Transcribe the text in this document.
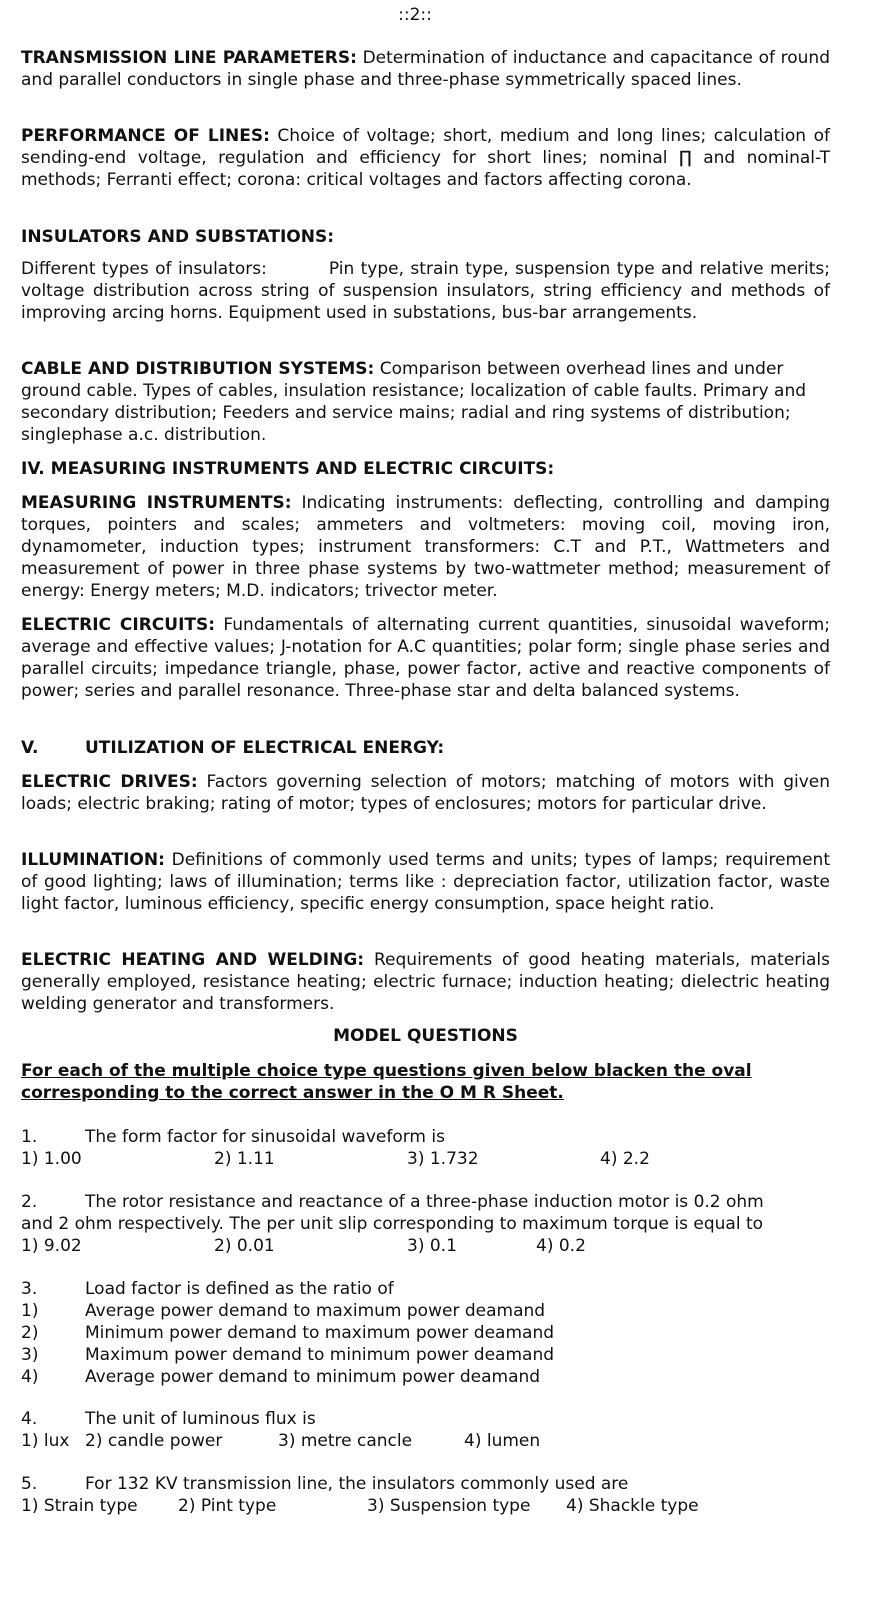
::2::

TRANSMISSION LINE PARAMETERS: Determination of inductance and capacitance of round and parallel conductors in single phase and three-phase symmetrically spaced lines.

PERFORMANCE OF LINES: Choice of voltage; short, medium and long lines; calculation of sending-end voltage, regulation and efficiency for short lines; nominal ∏ and nominal-T methods; Ferranti effect; corona: critical voltages and factors affecting corona.

INSULATORS AND SUBSTATIONS:

Different types of insulators:	Pin type, strain type, suspension type and relative merits; voltage distribution across string of suspension insulators, string efficiency and methods of improving arcing horns. Equipment used in substations, bus-bar arrangements.

CABLE AND DISTRIBUTION SYSTEMS: Comparison between overhead lines and under ground cable. Types of cables, insulation resistance; localization of cable faults. Primary and secondary distribution; Feeders and service mains; radial and ring systems of distribution; singlephase a.c. distribution.

IV. MEASURING INSTRUMENTS AND ELECTRIC CIRCUITS:

MEASURING INSTRUMENTS: Indicating instruments: deflecting, controlling and damping torques, pointers and scales; ammeters and voltmeters: moving coil, moving iron, dynamometer, induction types; instrument transformers: C.T and P.T., Wattmeters and measurement of power in three phase systems by two-wattmeter method; measurement of energy: Energy meters; M.D. indicators; trivector meter.

ELECTRIC CIRCUITS: Fundamentals of alternating current quantities, sinusoidal waveform; average and effective values; J-notation for A.C quantities; polar form; single phase series and parallel circuits; impedance triangle, phase, power factor, active and reactive components of power; series and parallel resonance. Three-phase star and delta balanced systems.

V.	UTILIZATION OF ELECTRICAL ENERGY:

ELECTRIC DRIVES: Factors governing selection of motors; matching of motors with given loads; electric braking; rating of motor; types of enclosures; motors for particular drive.

ILLUMINATION: Definitions of commonly used terms and units; types of lamps; requirement of good lighting; laws of illumination; terms like : depreciation factor, utilization factor, waste light factor, luminous efficiency, specific energy consumption, space height ratio.

ELECTRIC HEATING AND WELDING: Requirements of good heating materials, materials generally employed, resistance heating; electric furnace; induction heating; dielectric heating welding generator and transformers.

MODEL QUESTIONS

For each of the multiple choice type questions given below blacken the oval corresponding to the correct answer in the O M R Sheet.

1.	The form factor for sinusoidal waveform is
1) 1.00	2) 1.11	3) 1.732	4) 2.2
2.	The rotor resistance and reactance of a three-phase induction motor is 0.2 ohm
and 2 ohm respectively. The per unit slip corresponding to maximum torque is equal to
1) 9.02	2) 0.01	3) 0.1	4) 0.2
3.	Load factor is defined as the ratio of
1)	Average power demand to maximum power deamand
2)	Minimum power demand to maximum power deamand
3)	Maximum power demand to minimum power deamand
4)	Average power demand to minimum power deamand
4.	The unit of luminous flux is
1) lux 2) candle power	3) metre cancle	4) lumen
5.	For 132 KV transmission line, the insulators commonly used are
1) Strain type 2) Pint type	3) Suspension type 4) Shackle type
